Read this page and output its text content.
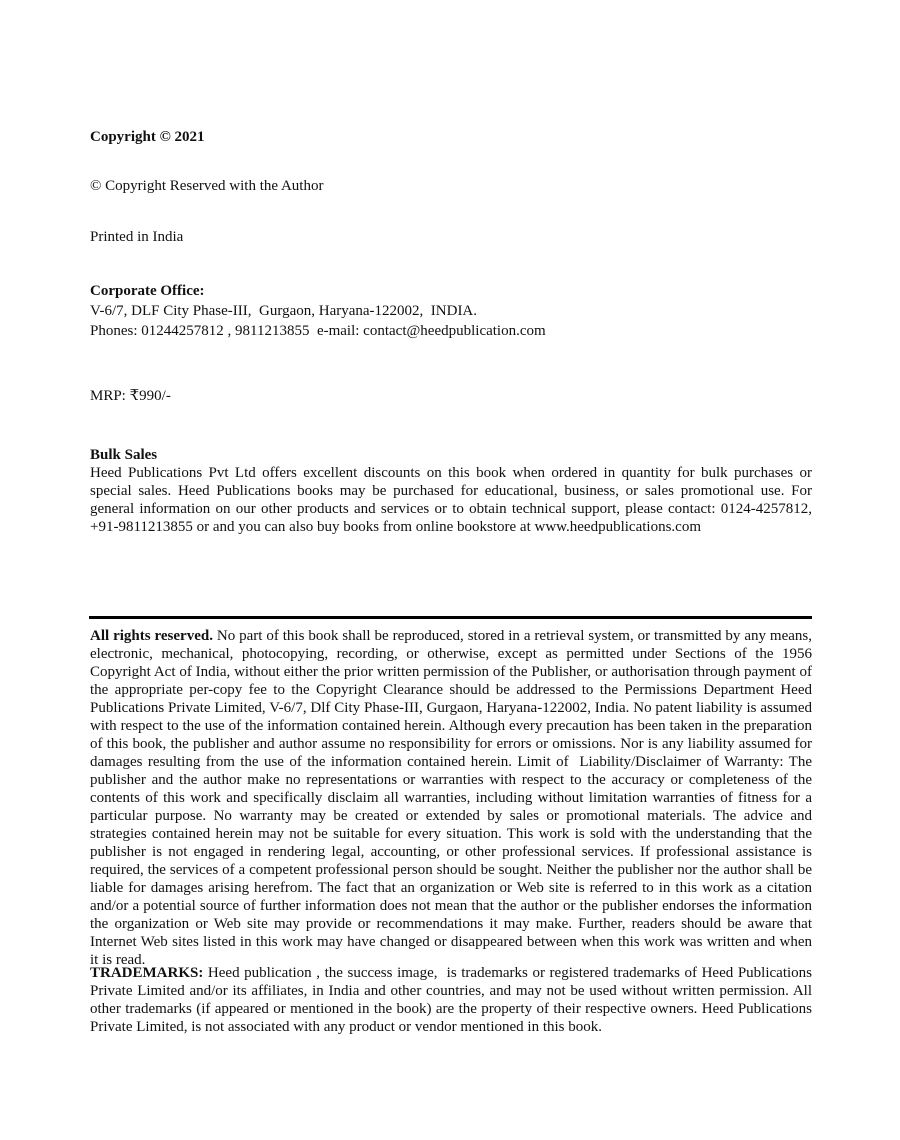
Copyright © 2021

© Copyright Reserved with the Author

Printed in India

Corporate Office:
V-6/7, DLF City Phase-III,  Gurgaon, Haryana-122002,  INDIA.
Phones: 01244257812 , 9811213855  e-mail: contact@heedpublication.com

MRP: ₹990/-

Bulk Sales

Heed Publications Pvt Ltd offers excellent discounts on this book when ordered in quantity for bulk purchases or special sales. Heed Publications books may be purchased for educational, business, or sales promotional use. For general information on our other products and services or to obtain technical support, please contact: 0124-4257812, +91-9811213855 or and you can also buy books from online bookstore at www.heedpublications.com

All rights reserved. No part of this book shall be reproduced, stored in a retrieval system, or transmitted by any means, electronic, mechanical, photocopying, recording, or otherwise, except as permitted under Sections of the 1956 Copyright Act of India, without either the prior written permission of the Publisher, or authorisation through payment of the appropriate per-copy fee to the Copyright Clearance should be addressed to the Permissions Department Heed Publications Private Limited, V-6/7, Dlf City Phase-III, Gurgaon, Haryana-122002, India. No patent liability is assumed with respect to the use of the information contained herein. Although every precaution has been taken in the preparation of this book, the publisher and author assume no responsibility for errors or omissions. Nor is any liability assumed for damages resulting from the use of the information contained herein. Limit of  Liability/Disclaimer of Warranty: The publisher and the author make no representations or warranties with respect to the accuracy or completeness of the contents of this work and specifically disclaim all warranties, including without limitation warranties of fitness for a particular purpose. No warranty may be created or extended by sales or promotional materials. The advice and strategies contained herein may not be suitable for every situation. This work is sold with the understanding that the publisher is not engaged in rendering legal, accounting, or other professional services. If professional assistance is required, the services of a competent professional person should be sought. Neither the publisher nor the author shall be liable for damages arising herefrom. The fact that an organization or Web site is referred to in this work as a citation and/or a potential source of further information does not mean that the author or the publisher endorses the information the organization or Web site may provide or recommendations it may make. Further, readers should be aware that Internet Web sites listed in this work may have changed or disappeared between when this work was written and when it is read.

TRADEMARKS: Heed publication , the success image,  is trademarks or registered trademarks of Heed Publications Private Limited and/or its affiliates, in India and other countries, and may not be used without written permission. All other trademarks (if appeared or mentioned in the book) are the property of their respective owners. Heed Publications Private Limited, is not associated with any product or vendor mentioned in this book.
